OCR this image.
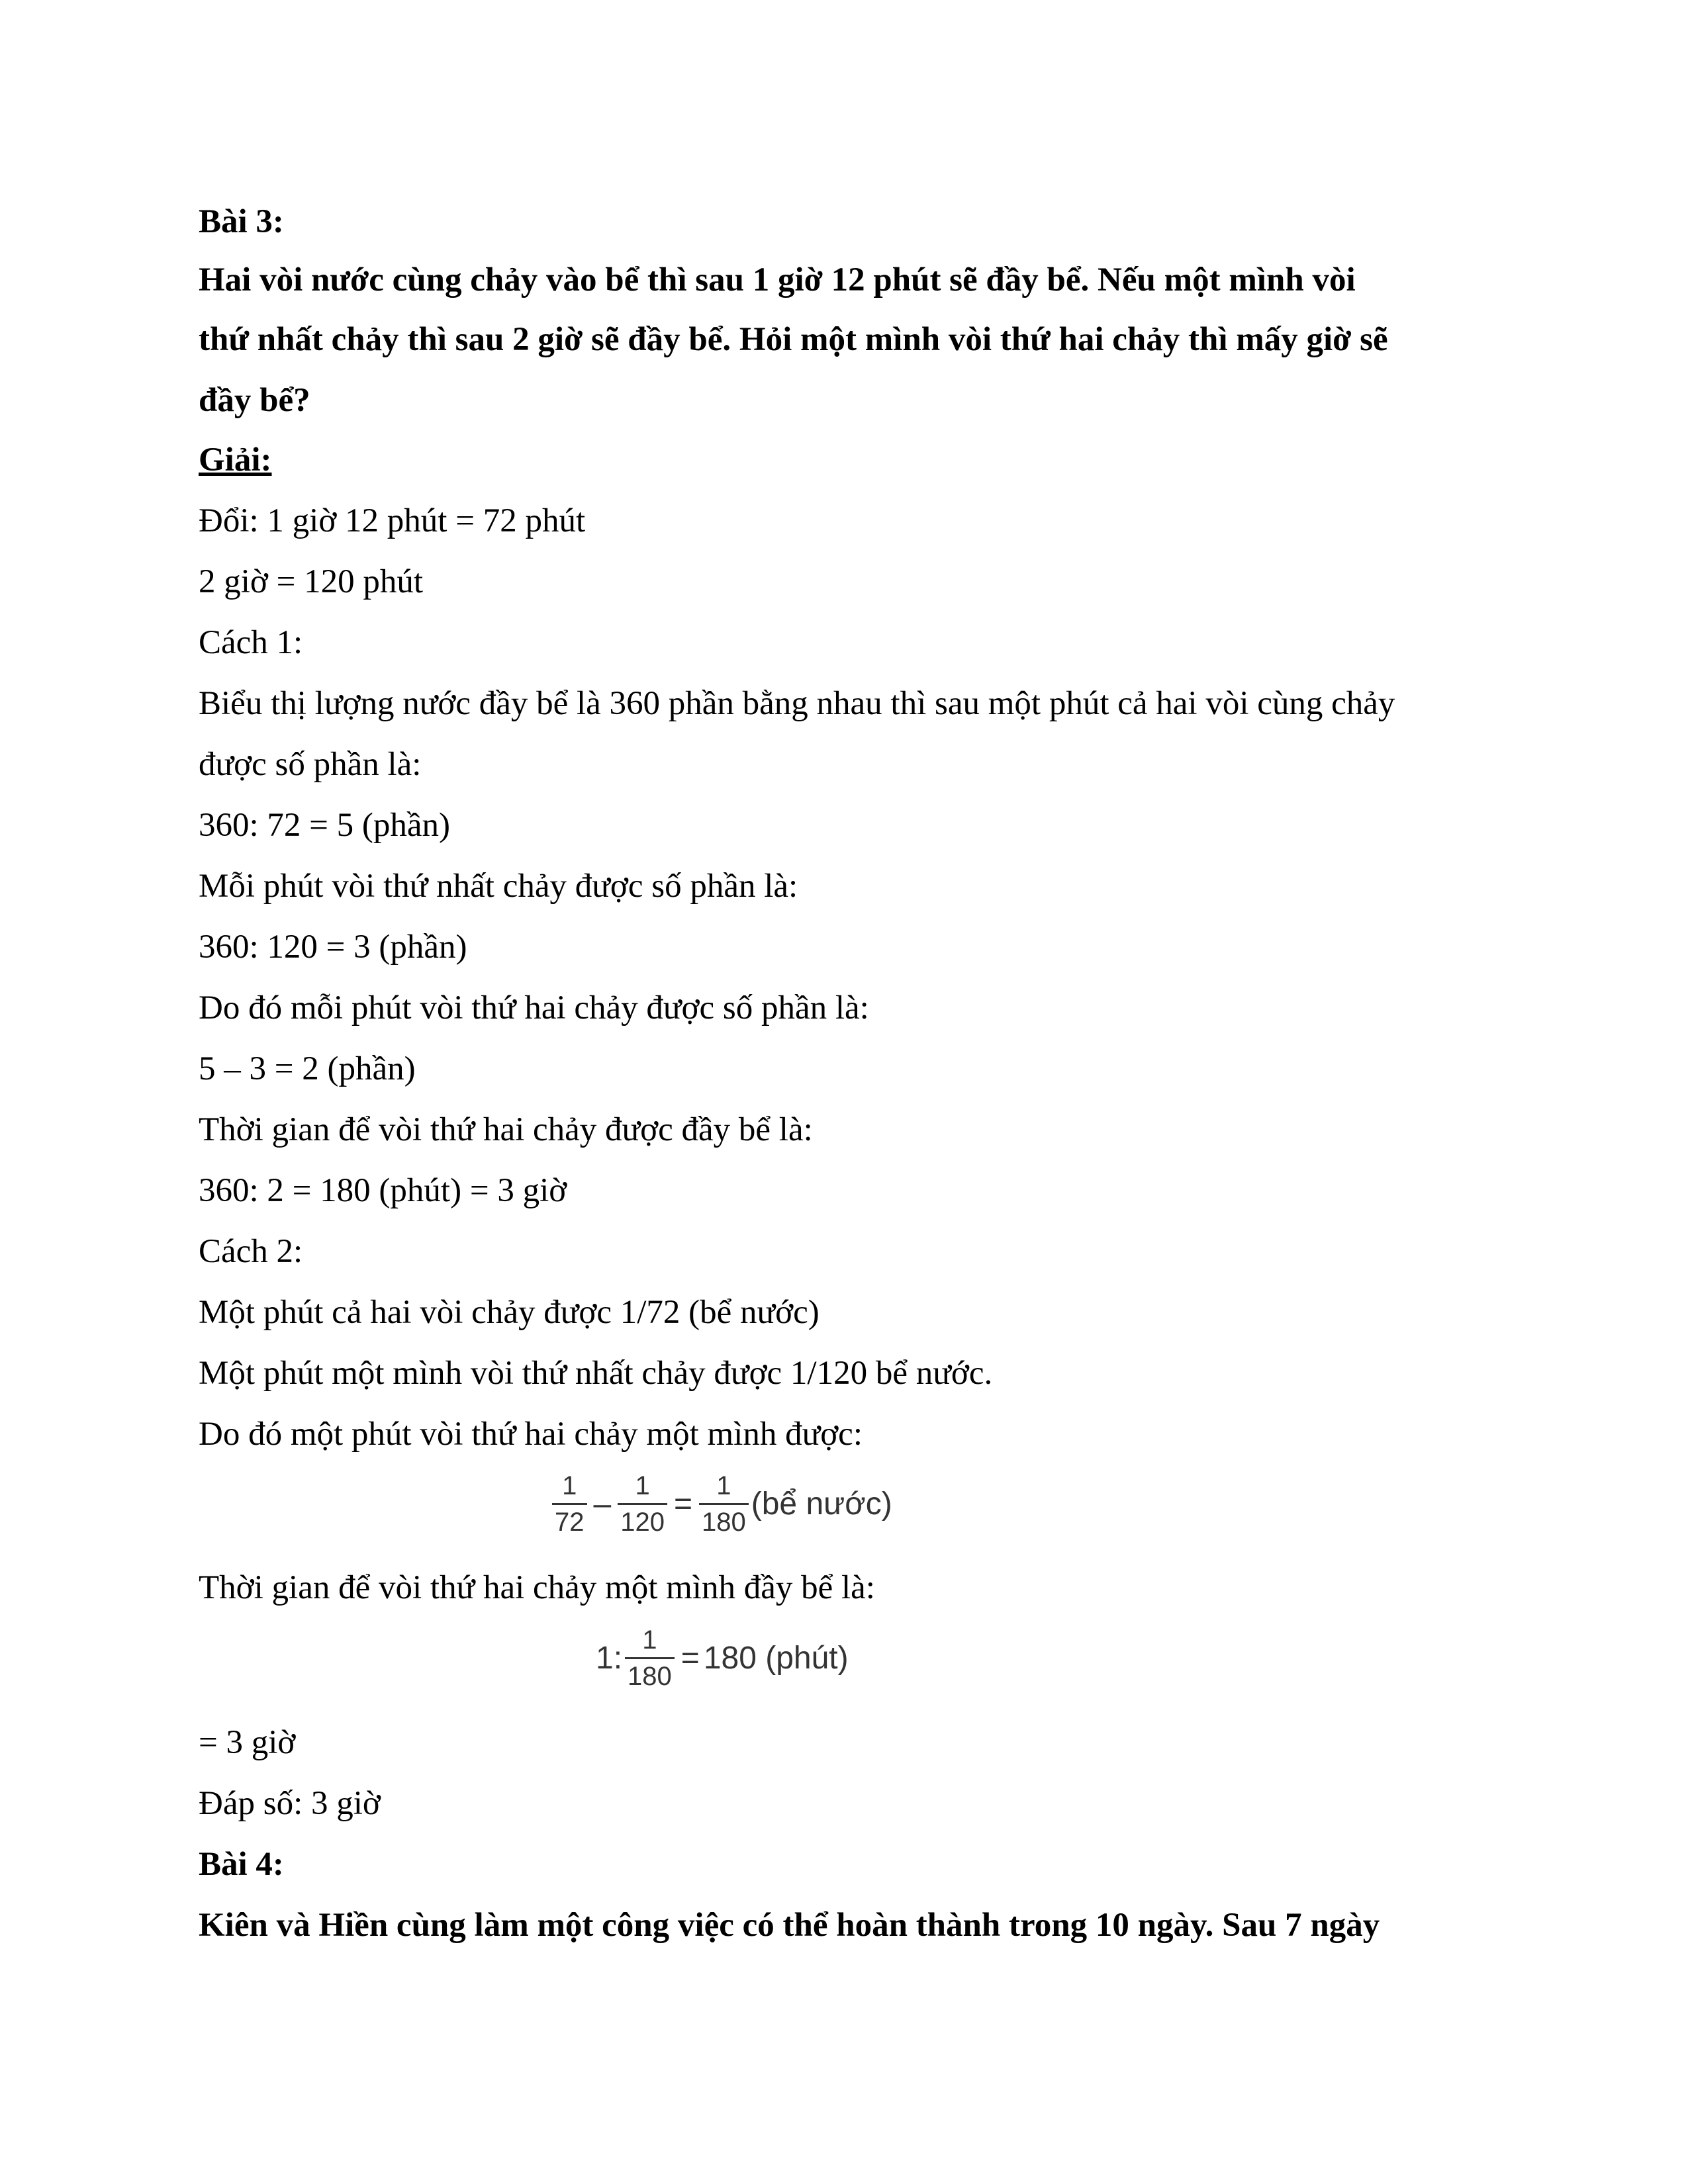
Bài 3:

Hai vòi nước cùng chảy vào bể thì sau 1 giờ 12 phút sẽ đầy bể. Nếu một mình vòi

thứ nhất chảy thì sau 2 giờ sẽ đầy bể. Hỏi một mình vòi thứ hai chảy thì mấy giờ sẽ

đầy bể?

Giải:

Đổi: 1 giờ 12 phút = 72 phút

2 giờ = 120 phút

Cách 1:

Biểu thị lượng nước đầy bể là 360 phần bằng nhau thì sau một phút cả hai vòi cùng chảy

được số phần là:

360: 72 = 5 (phần)

Mỗi phút vòi thứ nhất chảy được số phần là:

360: 120 = 3 (phần)

Do đó mỗi phút vòi thứ hai chảy được số phần là:

5 – 3 = 2 (phần)

Thời gian để vòi thứ hai chảy được đầy bể là:

360: 2 = 180 (phút) = 3 giờ

Cách 2:

Một phút cả hai vòi chảy được 1/72 (bể nước)

Một phút một mình vòi thứ nhất chảy được 1/120 bể nước.

Do đó một phút vòi thứ hai chảy một mình được:

$\frac{1}{72} - \frac{1}{120} = \frac{1}{180}$ (bể nước)

Thời gian để vòi thứ hai chảy một mình đầy bể là:

1: $\frac{1}{180} = 180$ (phút)

= 3 giờ

Đáp số: 3 giờ

Bài 4:

Kiên và Hiền cùng làm một công việc có thể hoàn thành trong 10 ngày. Sau 7 ngày
